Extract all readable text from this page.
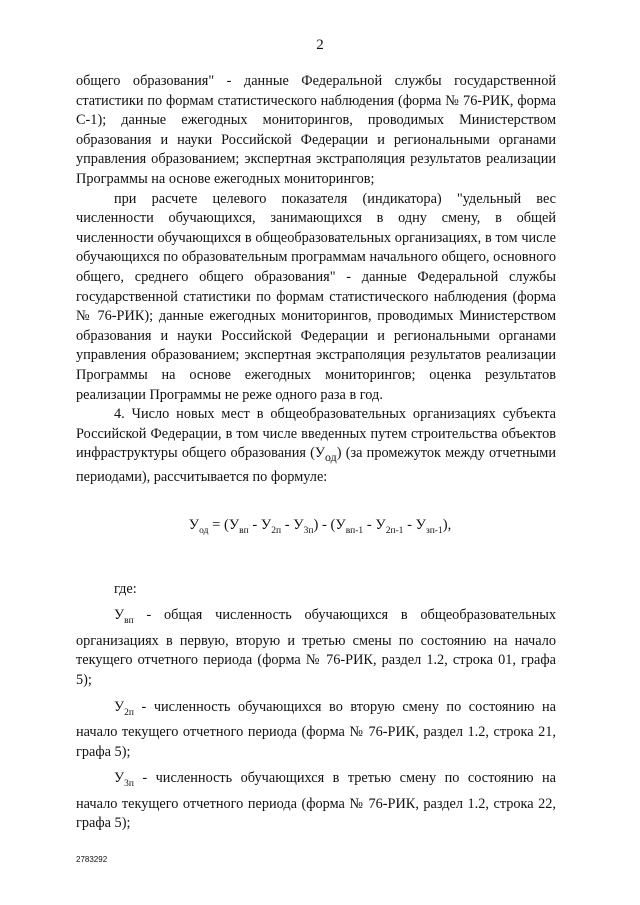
2

общего образования" - данные Федеральной службы государственной статистики по формам статистического наблюдения (форма № 76-РИК, форма С-1); данные ежегодных мониторингов, проводимых Министерством образования и науки Российской Федерации и региональными органами управления образованием; экспертная экстраполяция результатов реализации Программы на основе ежегодных мониторингов;

при расчете целевого показателя (индикатора) "удельный вес численности обучающихся, занимающихся в одну смену, в общей численности обучающихся в общеобразовательных организациях, в том числе обучающихся по образовательным программам начального общего, основного общего, среднего общего образования" - данные Федеральной службы государственной статистики по формам статистического наблюдения (форма № 76-РИК); данные ежегодных мониторингов, проводимых Министерством образования и науки Российской Федерации и региональными органами управления образованием; экспертная экстраполяция результатов реализации Программы на основе ежегодных мониторингов; оценка результатов реализации Программы не реже одного раза в год.

4. Число новых мест в общеобразовательных организациях субъекта Российской Федерации, в том числе введенных путем строительства объектов инфраструктуры общего образования $(У_{од})$ (за промежуток между отчетными периодами), рассчитывается по формуле:

$У_{од} = (У_{вп} - У_{2п} - У_{3п}) - (У_{вп-1} - У_{2п-1} - У_{зп-1})$,

где:

$У_{вп}$ - общая численность обучающихся в общеобразовательных организациях в первую, вторую и третью смены по состоянию на начало текущего отчетного периода (форма № 76-РИК, раздел 1.2, строка 01, графа 5);

$У_{2п}$ - численность обучающихся во вторую смену по состоянию на начало текущего отчетного периода (форма № 76-РИК, раздел 1.2, строка 21, графа 5);

$У_{3п}$ - численность обучающихся в третью смену по состоянию на начало текущего отчетного периода (форма № 76-РИК, раздел 1.2, строка 22, графа 5);

2783292
